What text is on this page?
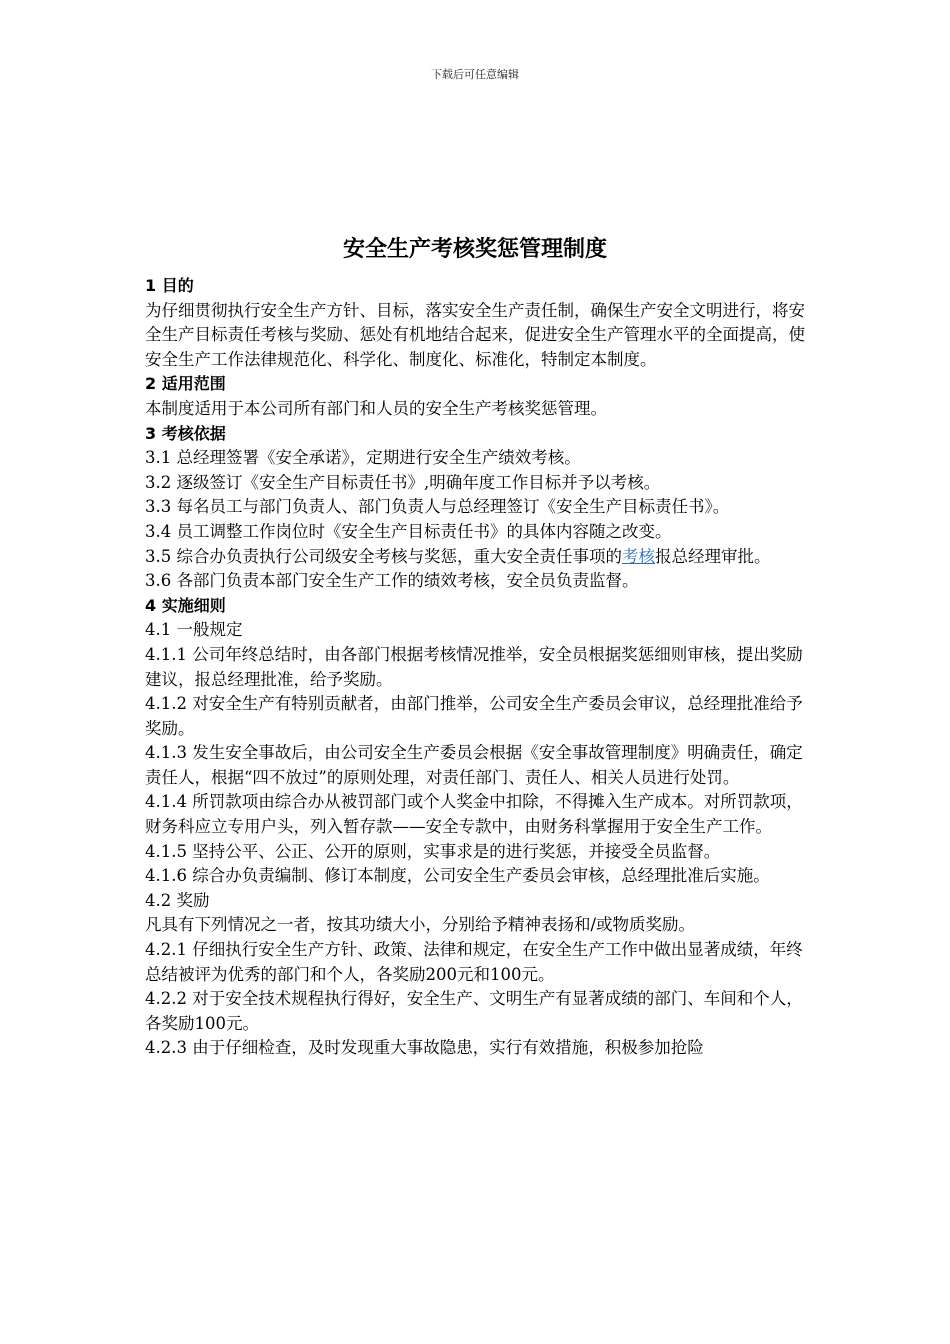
下载后可任意编辑
安全生产考核奖惩管理制度

1 目的

为仔细贯彻执行安全生产方针、目标，落实安全生产责任制，确保生产安全文明进行，将安全生产目标责任考核与奖励、惩处有机地结合起来，促进安全生产管理水平的全面提高，使安全生产工作法律规范化、科学化、制度化、标准化，特制定本制度。

2 适用范围

本制度适用于本公司所有部门和人员的安全生产考核奖惩管理。

3 考核依据

3.1 总经理签署《安全承诺》，定期进行安全生产绩效考核。

3.2 逐级签订《安全生产目标责任书》,明确年度工作目标并予以考核。

3.3 每名员工与部门负责人、部门负责人与总经理签订《安全生产目标责任书》。

3.4 员工调整工作岗位时《安全生产目标责任书》的具体内容随之改变。

3.5 综合办负责执行公司级安全考核与奖惩，重大安全责任事项的考核报总经理审批。

3.6 各部门负责本部门安全生产工作的绩效考核，安全员负责监督。

4 实施细则

4.1 一般规定

4.1.1 公司年终总结时，由各部门根据考核情况推举，安全员根据奖惩细则审核，提出奖励建议，报总经理批准，给予奖励。

4.1.2 对安全生产有特别贡献者，由部门推举，公司安全生产委员会审议，总经理批准给予奖励。

4.1.3 发生安全事故后，由公司安全生产委员会根据《安全事故管理制度》明确责任，确定责任人，根据“四不放过”的原则处理，对责任部门、责任人、相关人员进行处罚。

4.1.4 所罚款项由综合办从被罚部门或个人奖金中扣除，不得摊入生产成本。对所罚款项，财务科应立专用户头，列入暂存款——安全专款中，由财务科掌握用于安全生产工作。

4.1.5 坚持公平、公正、公开的原则，实事求是的进行奖惩，并接受全员监督。

4.1.6 综合办负责编制、修订本制度，公司安全生产委员会审核，总经理批准后实施。

4.2 奖励

凡具有下列情况之一者，按其功绩大小，分别给予精神表扬和/或物质奖励。

4.2.1 仔细执行安全生产方针、政策、法律和规定，在安全生产工作中做出显著成绩，年终总结被评为优秀的部门和个人，各奖励200元和100元。

4.2.2 对于安全技术规程执行得好，安全生产、文明生产有显著成绩的部门、车间和个人，各奖励100元。

4.2.3 由于仔细检查，及时发现重大事故隐患，实行有效措施，积极参加抢险
